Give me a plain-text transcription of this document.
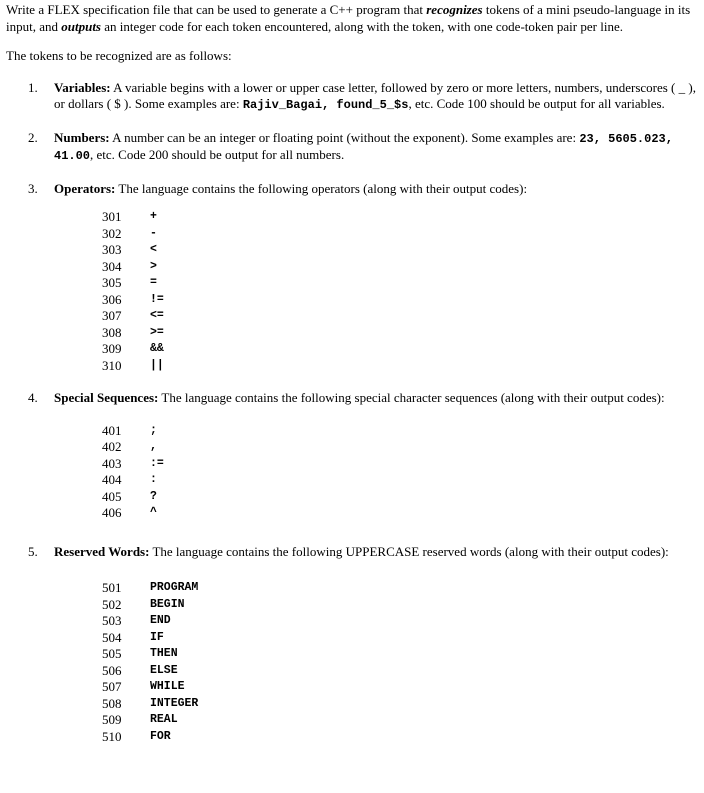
Write a FLEX specification file that can be used to generate a C++ program that recognizes tokens of a mini pseudo-language in its input, and outputs an integer code for each token encountered, along with the token, with one code-token pair per line.

The tokens to be recognized are as follows:

1. Variables: A variable begins with a lower or upper case letter, followed by zero or more letters, numbers, underscores ( _ ), or dollars ( $ ). Some examples are: Rajiv_Bagai, found_5_$s, etc. Code 100 should be output for all variables.
2. Numbers: A number can be an integer or floating point (without the exponent). Some examples are: 23, 5605.023, 41.00, etc. Code 200 should be output for all numbers.
3. Operators: The language contains the following operators (along with their output codes):
301	+
302	-
303	<
304	>
305	=
306	!=
307	<=
308	>=
309	&&
310	||
4. Special Sequences: The language contains the following special character sequences (along with their output codes):
401	;
402	,
403	:=
404	:
405	?
406	^
5. Reserved Words: The language contains the following UPPERCASE reserved words (along with their output codes):
501	PROGRAM
502	BEGIN
503	END
504	IF
505	THEN
506	ELSE
507	WHILE
508	INTEGER
509	REAL
510	FOR
